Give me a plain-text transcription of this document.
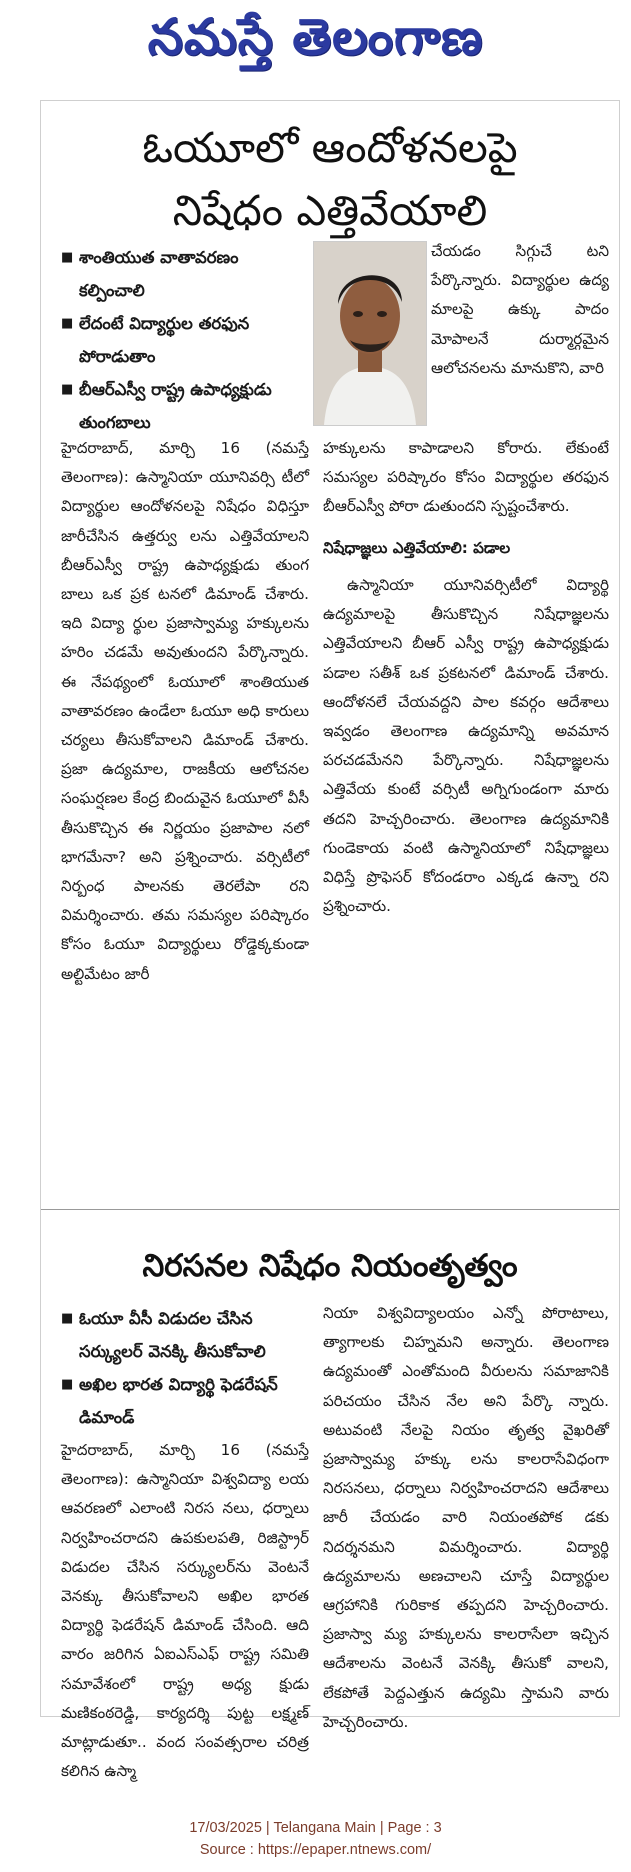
నమస్తే తెలంగాణ
ఓయూలో ఆందోళనలపై
నిషేధం ఎత్తివేయాలి
■ శాంతియుత వాతావరణం కల్పించాలి
■ లేదంటే విద్యార్థుల తరఫున పోరాడుతాం
■ బీఆర్ఎస్వీ రాష్ట్ర ఉపాధ్యక్షుడు తుంగబాలు
చేయడం సిగ్గుచే టని పేర్కొన్నారు. విద్యార్థుల ఉద్య మాలపై ఉక్కు పాదం మోపాలనే దుర్మార్గమైన ఆలోచనలను మానుకొని, వారి
హైదరాబాద్, మార్చి 16 (నమస్తే తెలంగాణ): ఉస్మానియా యూనివర్సి టీలో విద్యార్థుల ఆందోళనలపై నిషేధం విధిస్తూ జారీచేసిన ఉత్తర్వు లను ఎత్తివేయాలని బీఆర్ఎస్వీ రాష్ట్ర ఉపాధ్యక్షుడు తుంగ బాలు ఒక ప్రక టనలో డిమాండ్ చేశారు. ఇది విద్యా ర్థుల ప్రజాస్వామ్య హక్కులను హరిం చడమే అవుతుందని పేర్కొన్నారు. ఈ నేపథ్యంలో ఓయూలో శాంతియుత వాతావరణం ఉండేలా ఓయూ అధి కారులు చర్యలు తీసుకోవాలని డిమాండ్ చేశారు. ప్రజా ఉద్యమాల, రాజకీయ ఆలోచనల సంఘర్షణల కేంద్ర బిందువైన ఓయూలో వీసీ తీసుకొచ్చిన ఈ నిర్ణయం ప్రజాపాల నలో భాగమేనా? అని ప్రశ్నించారు. వర్సిటీలో నిర్బంధ పాలనకు తెరలేపా రని విమర్శించారు. తమ సమస్యల పరిష్కారం కోసం ఓయూ విద్యార్థులు రోడ్డెక్కకుండా అల్టిమేటం జారీ
హక్కులను కాపాడాలని కోరారు. లేకుంటే సమస్యల పరిష్కారం కోసం విద్యార్థుల తరఫున బీఆర్ఎస్వీ పోరా డుతుందని స్పష్టంచేశారు.
నిషేధాజ్ఞలు ఎత్తివేయాలి: పడాల
ఉస్మానియా యూనివర్సిటీలో విద్యార్థి ఉద్యమాలపై తీసుకొచ్చిన నిషేధాజ్ఞలను ఎత్తివేయాలని బీఆర్ ఎస్వీ రాష్ట్ర ఉపాధ్యక్షుడు పడాల సతీశ్ ఒక ప్రకటనలో డిమాండ్ చేశారు. ఆందోళనలే చేయవద్దని పాల కవర్గం ఆదేశాలు ఇవ్వడం తెలంగాణ ఉద్యమాన్ని అవమాన పరచడమేనని పేర్కొన్నారు. నిషేధాజ్ఞలను ఎత్తివేయ కుంటే వర్సిటీ అగ్నిగుండంగా మారు తదని హెచ్చరించారు. తెలంగాణ ఉద్యమానికి గుండెకాయ వంటి ఉస్మానియాలో నిషేధాజ్ఞలు విధిస్తే ప్రొఫెసర్ కోదండరాం ఎక్కడ ఉన్నా రని ప్రశ్నించారు.
నిరసనల నిషేధం నియంతృత్వం
■ ఓయూ వీసీ విడుదల చేసిన సర్క్యులర్ వెనక్కి తీసుకోవాలి
■ అఖిల భారత విద్యార్థి ఫెడరేషన్ డిమాండ్
హైదరాబాద్, మార్చి 16 (నమస్తే తెలంగాణ): ఉస్మానియా విశ్వవిద్యా లయ ఆవరణలో ఎలాంటి నిరస నలు, ధర్నాలు నిర్వహించరాదని ఉపకులపతి, రిజిస్ట్రార్ విడుదల చేసిన సర్క్యులర్‌ను వెంటనే వెనక్కు తీసుకోవాలని అఖిల భారత విద్యార్థి ఫెడరేషన్ డిమాండ్ చేసింది. ఆది వారం జరిగిన ఏఐఎస్ఎఫ్ రాష్ట్ర సమితి సమావేశంలో రాష్ట్ర అధ్య క్షుడు మణికంఠరెడ్డి, కార్యదర్శి పుట్ట లక్ష్మణ్ మాట్లాడుతూ.. వంద సంవత్సరాల చరిత్ర కలిగిన ఉస్మా
నియా విశ్వవిద్యాలయం ఎన్నో పోరాటాలు, త్యాగాలకు చిహ్నమని అన్నారు. తెలంగాణ ఉద్యమంతో ఎంతోమంది వీరులను సమాజానికి పరిచయం చేసిన నేల అని పేర్కొ న్నారు. అటువంటి నేలపై నియం తృత్వ వైఖరితో ప్రజాస్వామ్య హక్కు లను కాలరాసేవిధంగా నిరసనలు, ధర్నాలు నిర్వహించరాదని ఆదేశాలు జారీ చేయడం వారి నియంతపోక డకు నిదర్శనమని విమర్శించారు. విద్యార్థి ఉద్యమాలను అణచాలని చూస్తే విద్యార్థుల ఆగ్రహానికి గురికాక తప్పదని హెచ్చరించారు. ప్రజాస్వా మ్య హక్కులను కాలరాసేలా ఇచ్చిన ఆదేశాలను వెంటనే వెనక్కి తీసుకో వాలని, లేకపోతే పెద్దఎత్తున ఉద్యమి స్తామని వారు హెచ్చరించారు.
17/03/2025 | Telangana Main | Page : 3
Source : https://epaper.ntnews.com/
